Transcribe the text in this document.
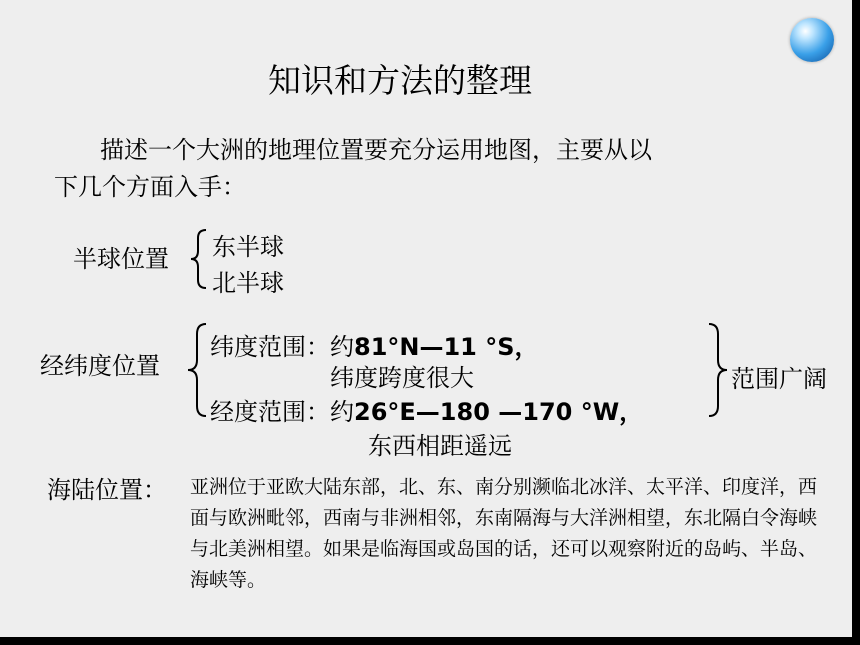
知识和方法的整理
描述一个大洲的地理位置要充分运用地图，主要从以
下几个方面入手：
半球位置 东半球
北半球
经纬度位置
纬度范围：约81°N—11 °S，
纬度跨度很大
经度范围：约26°E—180 —170 °W，
东西相距遥远
范围广阔
海陆位置： 亚洲位于亚欧大陆东部，北、东、南分别濒临北冰洋、太平洋、印度洋，西面与欧洲毗邻，西南与非洲相邻，东南隔海与大洋洲相望，东北隔白令海峡与北美洲相望。如果是临海国或岛国的话，还可以观察附近的岛屿、半岛、海峡等。
